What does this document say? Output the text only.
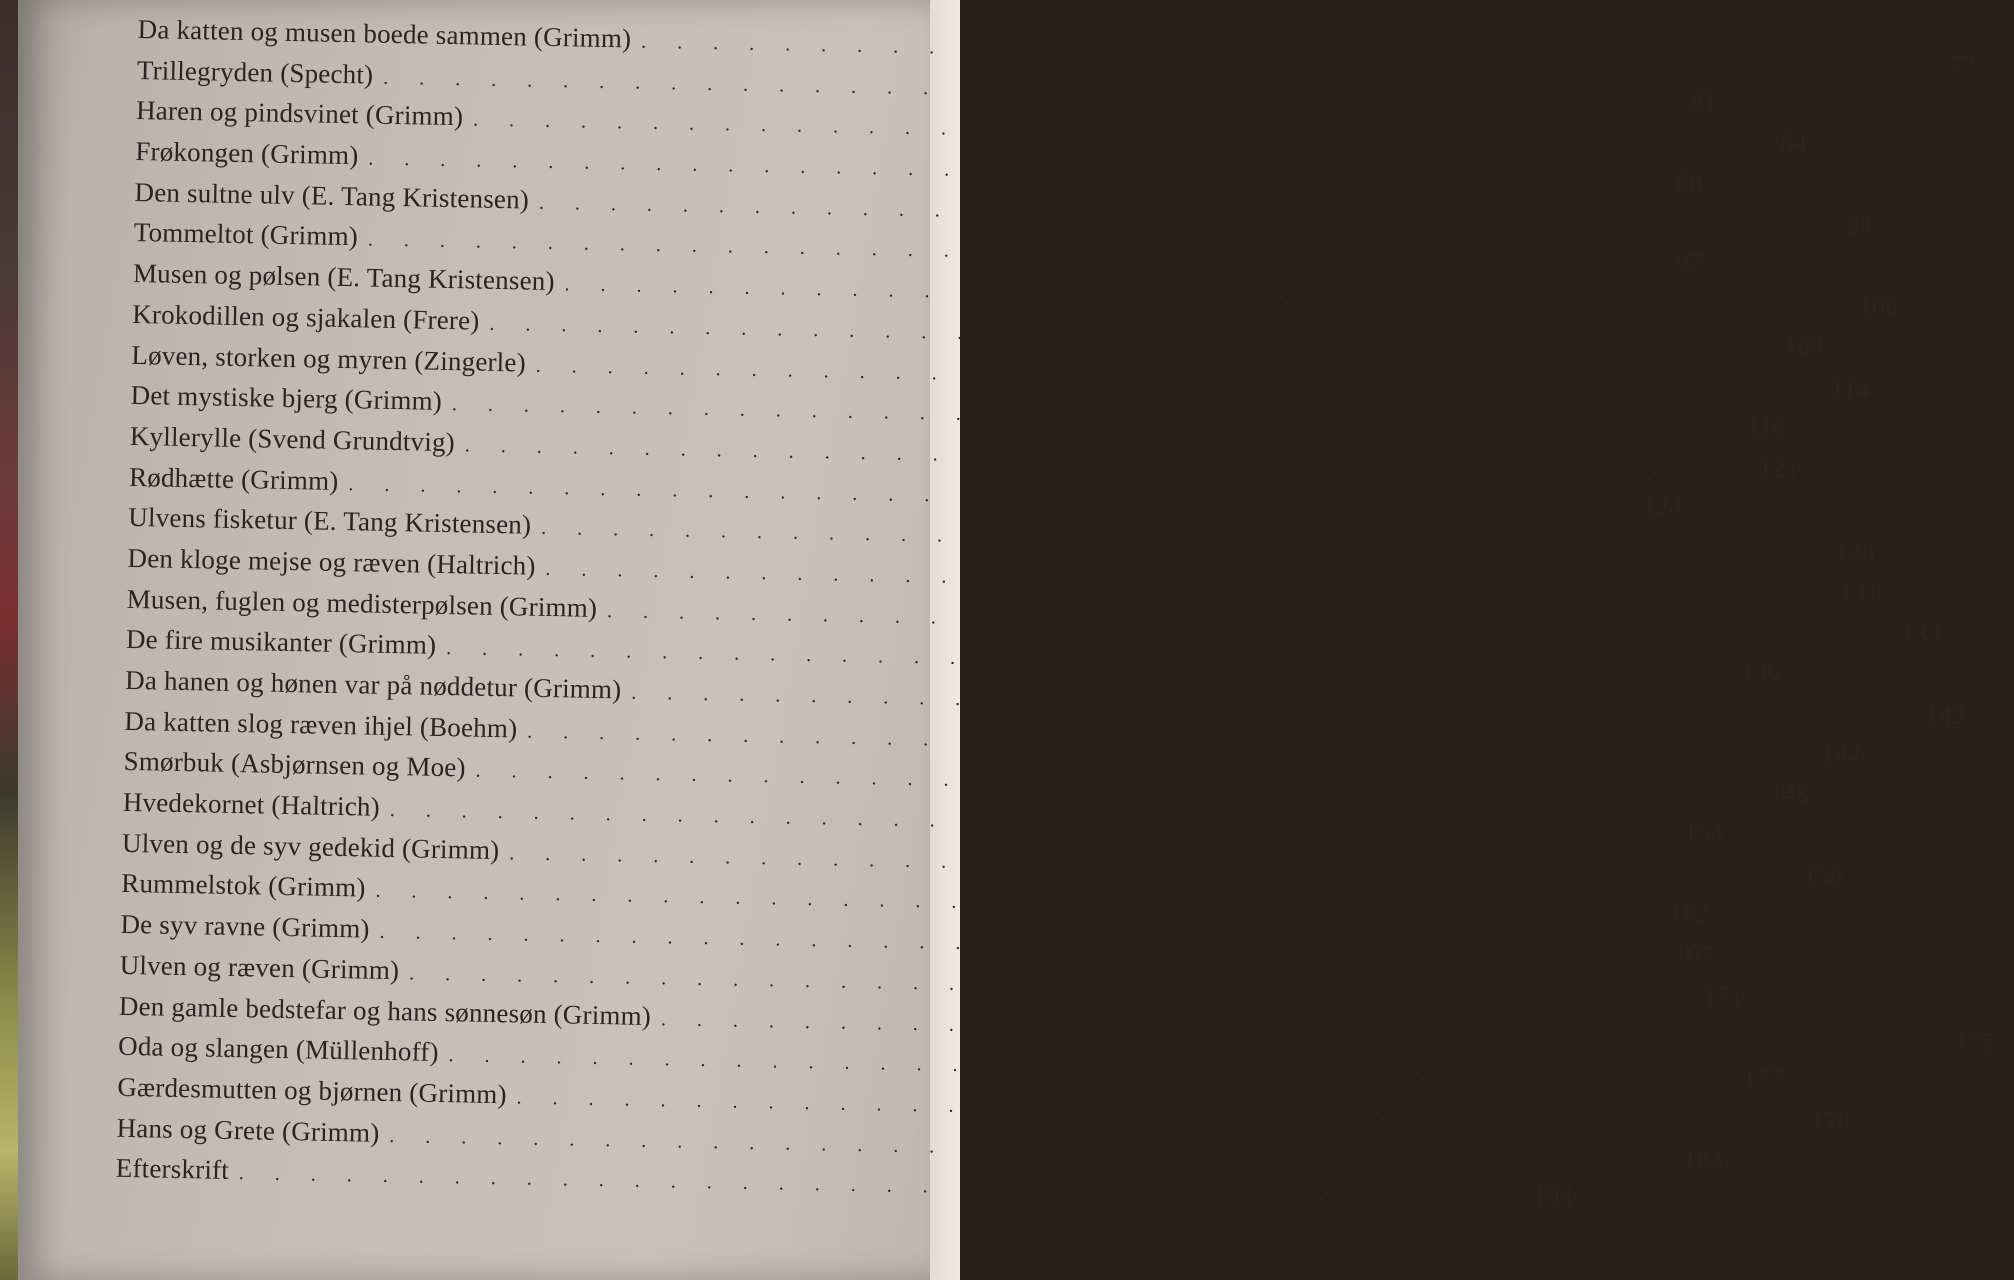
Da katten og musen boede sammen (Grimm) . . . . . . . . . . . . . . . . . . . . . . . . . . . . . . . . . . . .	77
Trillegryden (Specht) . . . . . . . . . . . . . . . . . . . . . . . . . . . . . . . . . . . .	81
Haren og pindsvinet (Grimm) . . . . . . . . . . . . . . . . . . . . . . . . . . . . . . . . . . . .	84
Frøkongen (Grimm) . . . . . . . . . . . . . . . . . . . . . . . . . . . . . . . . . . . .	88
Den sultne ulv (E. Tang Kristensen) . . . . . . . . . . . . . . . . . . . . . . . . . . . . . . . . . . . .	94
Tommeltot (Grimm) . . . . . . . . . . . . . . . . . . . . . . . . . . . . . . . . . . . .	97
Musen og pølsen (E. Tang Kristensen) . . . . . . . . . . . . . . . . . . . . . . . . . . . . . . . . . . . . 106
Krokodillen og sjakalen (Frere) . . . . . . . . . . . . . . . . . . . . . . . . . . . . . . . . . . . . 109
Løven, storken og myren (Zingerle) . . . . . . . . . . . . . . . . . . . . . . . . . . . . . . . . . . . . 114
Det mystiske bjerg (Grimm) . . . . . . . . . . . . . . . . . . . . . . . . . . . . . . . . . . . . 118
Kyllerylle (Svend Grundtvig) . . . . . . . . . . . . . . . . . . . . . . . . . . . . . . . . . . . . 121
Rødhætte (Grimm) . . . . . . . . . . . . . . . . . . . . . . . . . . . . . . . . . . . . 124
Ulvens fisketur (E. Tang Kristensen) . . . . . . . . . . . . . . . . . . . . . . . . . . . . . . . . . . . . 128
Den kloge mejse og ræven (Haltrich) . . . . . . . . . . . . . . . . . . . . . . . . . . . . . . . . . . . . 131
Musen, fuglen og medisterpølsen (Grimm) . . . . . . . . . . . . . . . . . . . . . . . . . . . . . . . . . . . . 133
De fire musikanter (Grimm) . . . . . . . . . . . . . . . . . . . . . . . . . . . . . . . . . . . . 136
Da hanen og hønen var på nøddetur (Grimm) . . . . . . . . . . . . . . . . . . . . . . . . . . . . . . . . . . . . 142
Da katten slog ræven ihjel (Boehm) . . . . . . . . . . . . . . . . . . . . . . . . . . . . . . . . . . . . 144
Smørbuk (Asbjørnsen og Moe) . . . . . . . . . . . . . . . . . . . . . . . . . . . . . . . . . . . . 148
Hvedekornet (Haltrich) . . . . . . . . . . . . . . . . . . . . . . . . . . . . . . . . . . . . 154
Ulven og de syv gedekid (Grimm) . . . . . . . . . . . . . . . . . . . . . . . . . . . . . . . . . . . . 158
Rummelstok (Grimm) . . . . . . . . . . . . . . . . . . . . . . . . . . . . . . . . . . . . 162
De syv ravne (Grimm) . . . . . . . . . . . . . . . . . . . . . . . . . . . . . . . . . . . . 167
Ulven og ræven (Grimm) . . . . . . . . . . . . . . . . . . . . . . . . . . . . . . . . . . . . 171
Den gamle bedstefar og hans sønnesøn (Grimm) . . . . . . . . . . . . . . . . . . . . . . . . . . . . . . . . . . . . 175
Oda og slangen (Müllenhoff) . . . . . . . . . . . . . . . . . . . . . . . . . . . . . . . . . . . . 177
Gærdesmutten og bjørnen (Grimm) . . . . . . . . . . . . . . . . . . . . . . . . . . . . . . . . . . . . 178
Hans og Grete (Grimm) . . . . . . . . . . . . . . . . . . . . . . . . . . . . . . . . . . . . 183
Efterskrift . . . . . . . . . . . . . . . . . . . . . . . . . . . . . . . . . . . . 194
